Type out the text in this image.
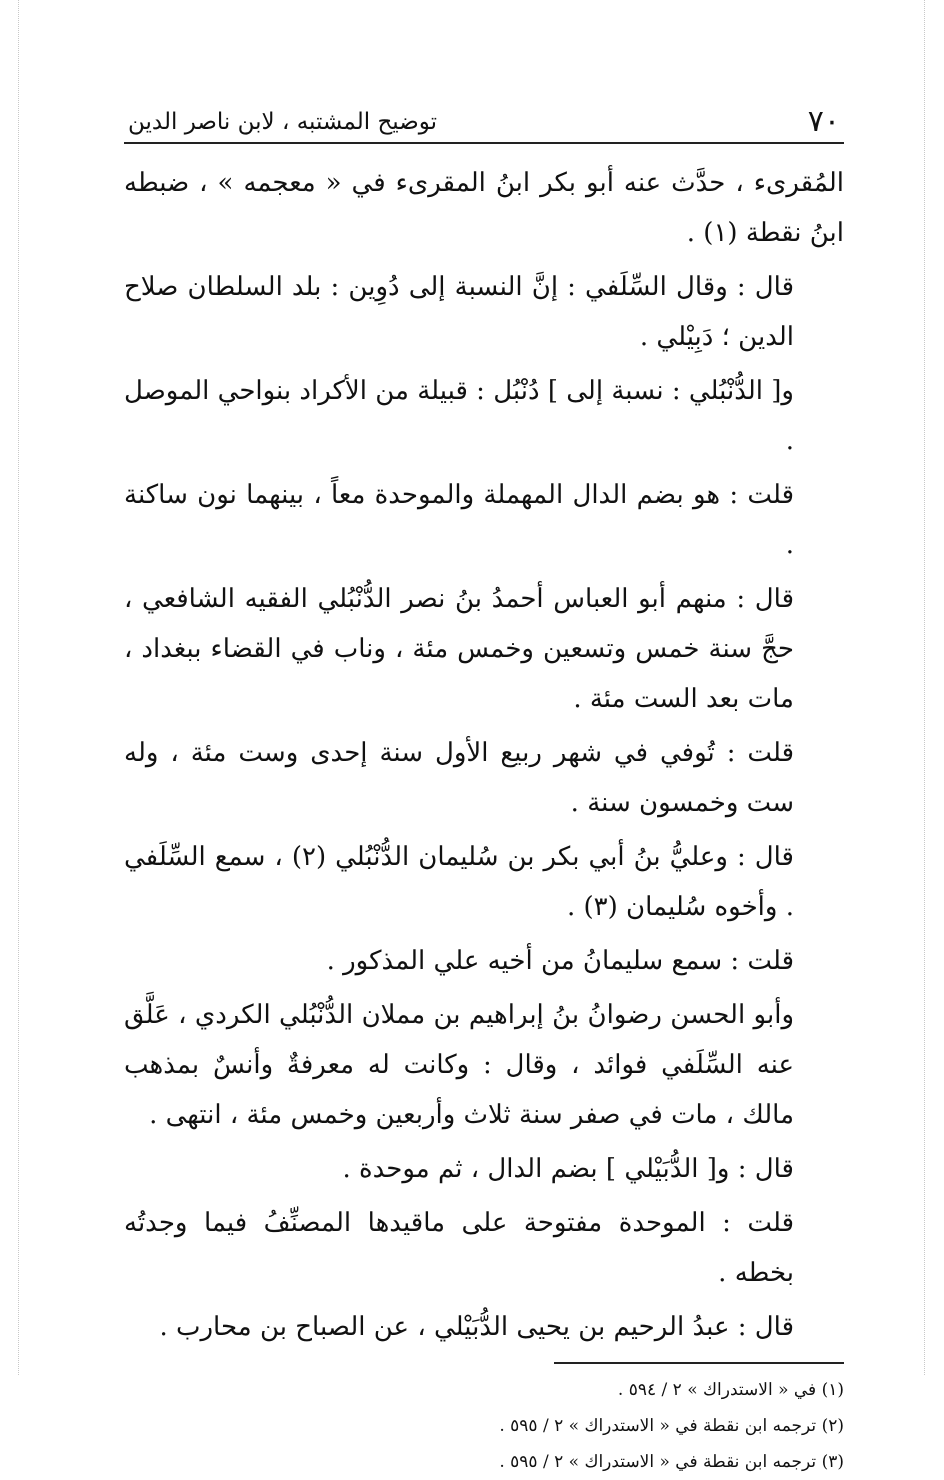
٧٠
توضيح المشتبه ، لابن ناصر الدين

المُقرىء ، حدَّث عنه أبو بكر ابنُ المقرىء في « معجمه » ، ضبطه ابنُ نقطة (١) .

قال : وقال السِّلَفي : إنَّ النسبة إلى دُوِين : بلد السلطان صلاح الدين ؛ دَبِيْلي .

و[ الدُّنْبُلي : نسبة إلى ] دُنْبُل : قبيلة من الأكراد بنواحي الموصل .

قلت : هو بضم الدال المهملة والموحدة معاً ، بينهما نون ساكنة .

قال : منهم أبو العباس أحمدُ بنُ نصر الدُّنْبُلي الفقيه الشافعي ، حجَّ سنة خمس وتسعين وخمس مئة ، وناب في القضاء ببغداد ، مات بعد الست مئة .

قلت : تُوفي في شهر ربيع الأول سنة إحدى وست مئة ، وله ست وخمسون سنة .

قال : وعليُّ بنُ أبي بكر بن سُليمان الدُّنْبُلي (٢) ، سمع السِّلَفي . وأخوه سُليمان (٣) .

قلت : سمع سليمانُ من أخيه علي المذكور .

وأبو الحسن رضوانُ بنُ إبراهيم بن مملان الدُّنْبُلي الكردي ، عَلَّق عنه السِّلَفي فوائد ، وقال : وكانت له معرفةٌ وأنسٌ بمذهب مالك ، مات في صفر سنة ثلاث وأربعين وخمس مئة ، انتهى .

قال : و[ الدُّبَيْلي ] بضم الدال ، ثم موحدة .

قلت : الموحدة مفتوحة على ماقيدها المصنِّفُ فيما وجدتُه بخطه .

قال : عبدُ الرحيم بن يحيى الدُّبَيْلي ، عن الصباح بن محارب .

(١) في « الاستدراك » ٢ / ٥٩٤ .

(٢) ترجمه ابن نقطة في « الاستدراك » ٢ / ٥٩٥ .

(٣) ترجمه ابن نقطة في « الاستدراك » ٢ / ٥٩٥ .
